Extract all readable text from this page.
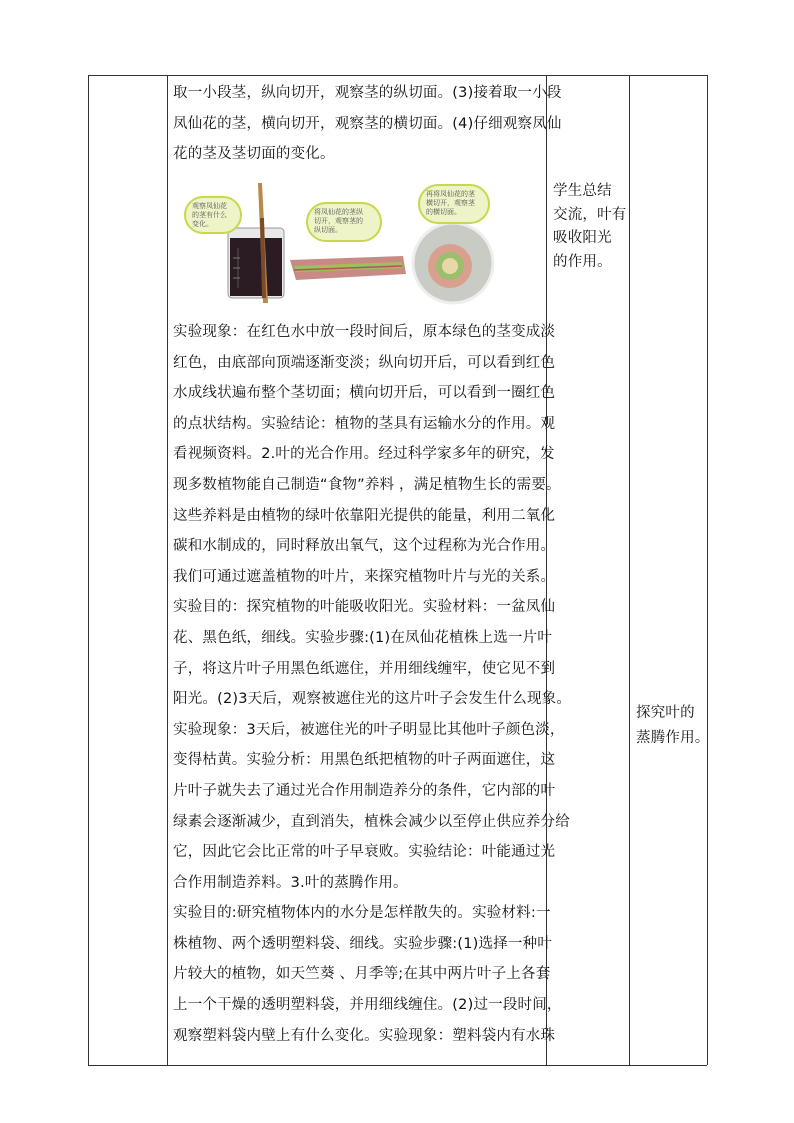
取一小段茎，纵向切开，观察茎的纵切面。(3)接着取一小段

凤仙花的茎，横向切开，观察茎的横切面。(4)仔细观察凤仙

花的茎及茎切面的变化。

观察凤仙花
的茎有什么
变化。
将凤仙花的茎纵
切开，观察茎的
纵切面。
再将凤仙花的茎
横切开，观察茎
的横切面。

实验现象：在红色水中放一段时间后，原本绿色的茎变成淡

红色，由底部向顶端逐渐变淡；纵向切开后，可以看到红色

水成线状遍布整个茎切面；横向切开后，可以看到一圈红色

的点状结构。实验结论：植物的茎具有运输水分的作用。观

看视频资料。2.叶的光合作用。经过科学家多年的研究，发

现多数植物能自己制造“食物”养料 ，满足植物生长的需要。

这些养料是由植物的绿叶依靠阳光提供的能量，利用二氧化

碳和水制成的，同时释放出氧气，这个过程称为光合作用。

我们可通过遮盖植物的叶片，来探究植物叶片与光的关系。

实验目的：探究植物的叶能吸收阳光。实验材料：一盆凤仙

花、黑色纸，细线。实验步骤:(1)在凤仙花植株上选一片叶

子，将这片叶子用黑色纸遮住，并用细线缠牢，使它见不到

阳光。(2)3天后，观察被遮住光的这片叶子会发生什么现象。

实验现象：3天后，被遮住光的叶子明显比其他叶子颜色淡，

变得枯黄。实验分析：用黑色纸把植物的叶子两面遮住，这

片叶子就失去了通过光合作用制造养分的条件，它内部的叶

绿素会逐渐减少，直到消失，植株会减少以至停止供应养分给

它，因此它会比正常的叶子早衰败。实验结论：叶能通过光

合作用制造养料。3.叶的蒸腾作用。

实验目的:研究植物体内的水分是怎样散失的。实验材料:一

株植物、两个透明塑料袋、细线。实验步骤:(1)选择一种叶

片较大的植物，如天竺葵 、月季等;在其中两片叶子上各套

上一个干燥的透明塑料袋，并用细线缠住。(2)过一段时间，

观察塑料袋内壁上有什么变化。实验现象：塑料袋内有水珠

学生总结

交流，叶有

吸收阳光

的作用。

探究叶的

蒸腾作用。
